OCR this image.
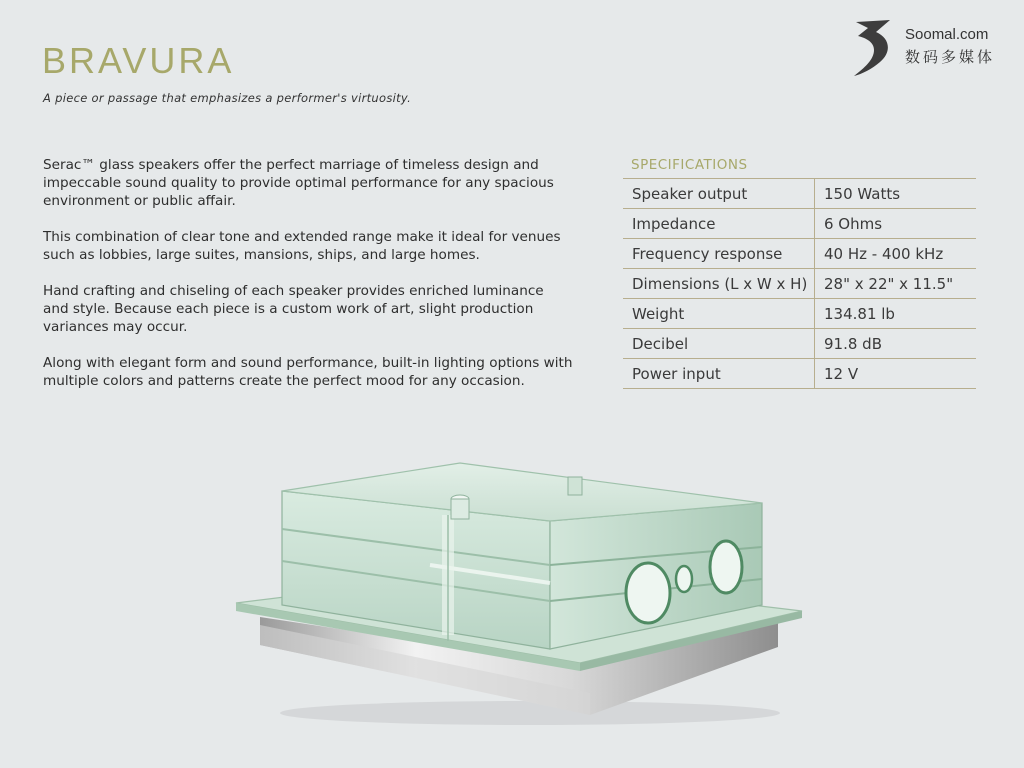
BRAVURA
A piece or passage that emphasizes a performer's virtuosity.
Soomal.com
数码多媒体

Serac™ glass speakers offer the perfect marriage of timeless design and impeccable sound quality to provide optimal performance for any spacious environment or public affair.

This combination of clear tone and extended range make it ideal for venues such as lobbies, large suites, mansions, ships, and large homes.

Hand crafting and chiseling of each speaker provides enriched luminance and style. Because each piece is a custom work of art, slight production variances may occur.

Along with elegant form and sound performance, built-in lighting options with multiple colors and patterns create the perfect mood for any occasion.

SPECIFICATIONS
Speaker output	150 Watts
Impedance	6 Ohms
Frequency response	40 Hz - 400 kHz
Dimensions (L x W x H)	28" x 22" x 11.5"
Weight	134.81 lb
Decibel	91.8 dB
Power input	12 V
